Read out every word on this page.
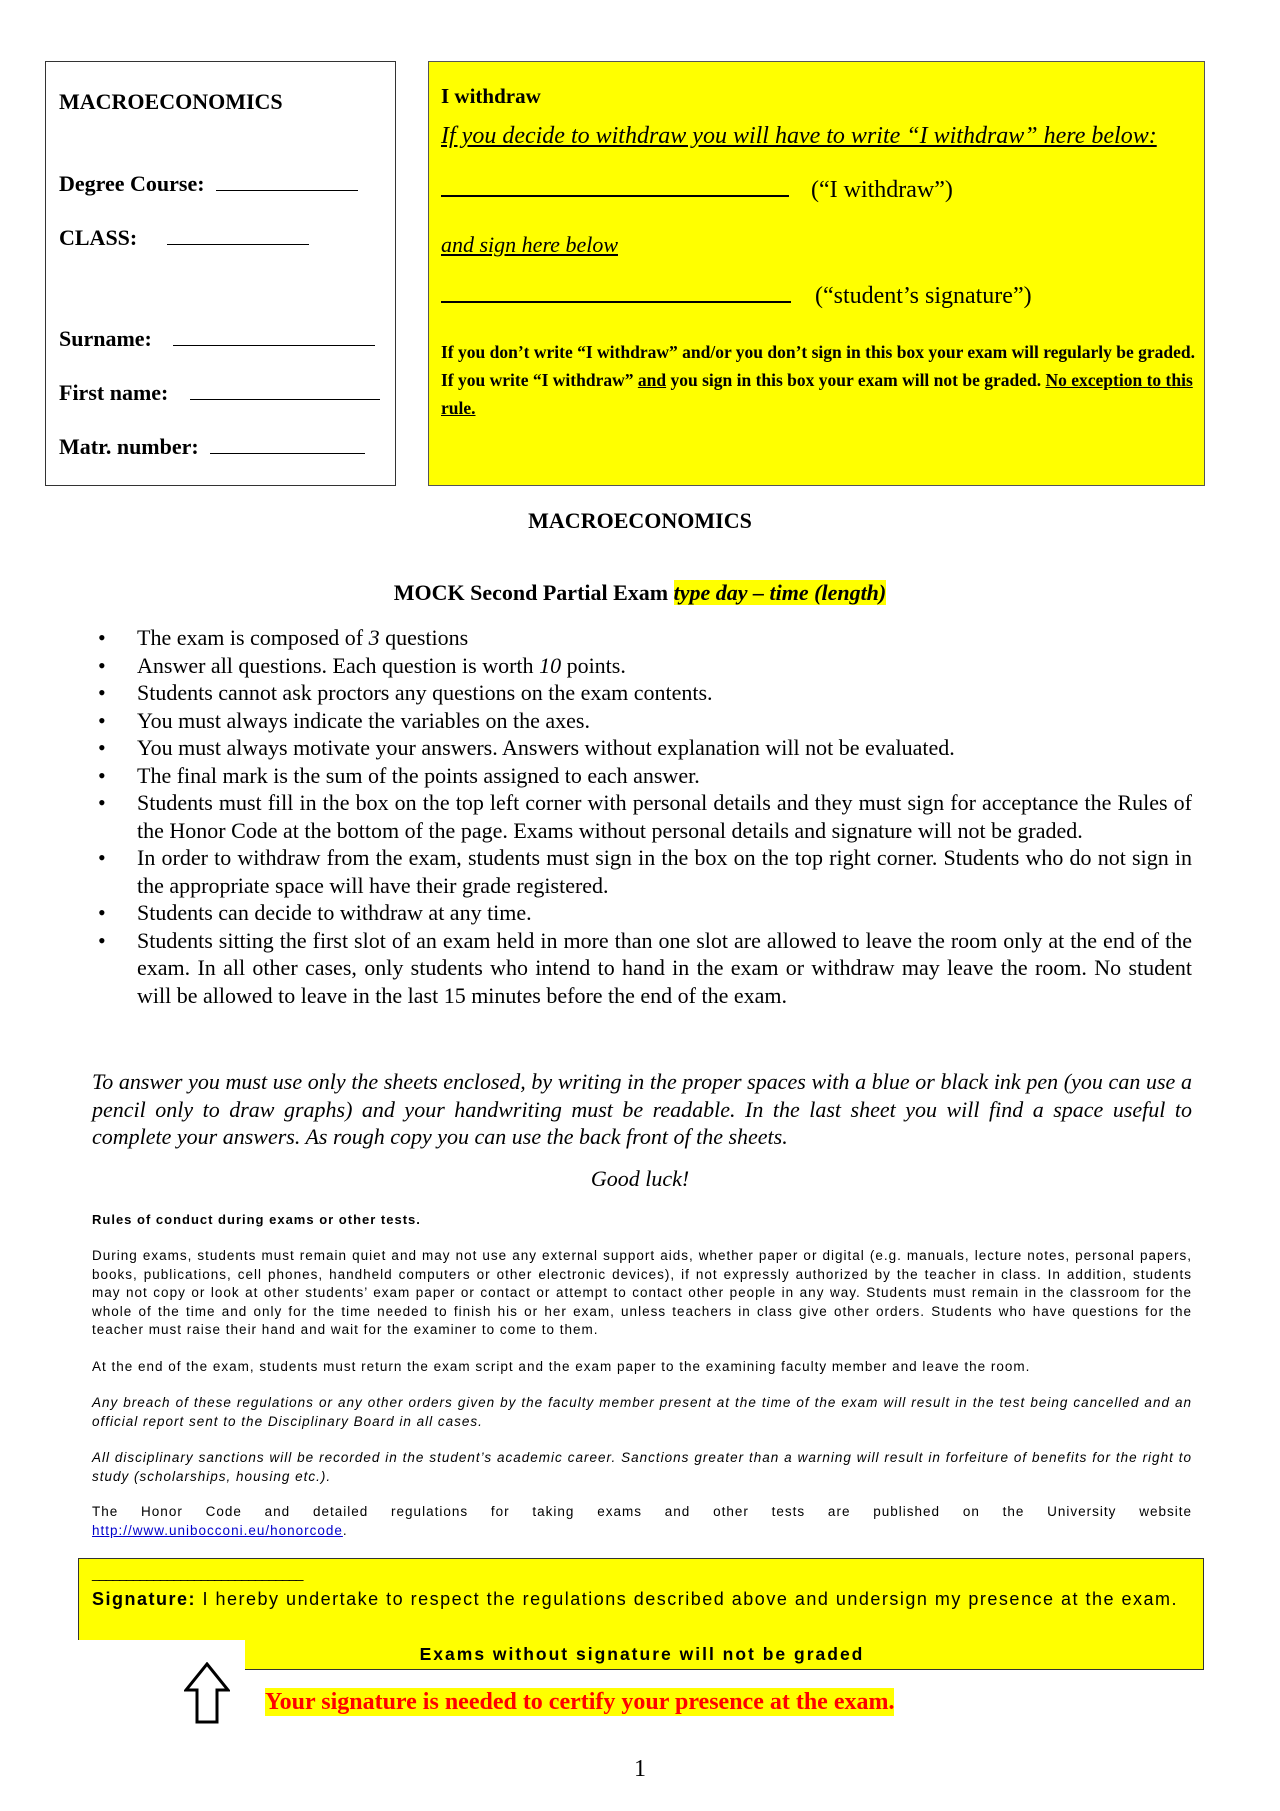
MACROECONOMICS
Degree Course:
CLASS:
Surname:
First name:
Matr. number:
I withdraw
If you decide to withdraw you will have to write “I withdraw” here below:
(“I withdraw”)
and sign here below
(“student’s signature”)
If you don’t write “I withdraw” and/or you don’t sign in this box your exam will regularly be graded.
If you write “I withdraw” and you sign in this box your exam will not be graded. No exception to this rule.
MACROECONOMICS
MOCK Second Partial Exam type day – time (length)
• The exam is composed of 3 questions
• Answer all questions. Each question is worth 10 points.
• Students cannot ask proctors any questions on the exam contents.
• You must always indicate the variables on the axes.
• You must always motivate your answers. Answers without explanation will not be evaluated.
• The final mark is the sum of the points assigned to each answer.
• Students must fill in the box on the top left corner with personal details and they must sign for acceptance the Rules of the Honor Code at the bottom of the page. Exams without personal details and signature will not be graded.
• In order to withdraw from the exam, students must sign in the box on the top right corner. Students who do not sign in the appropriate space will have their grade registered.
• Students can decide to withdraw at any time.
• Students sitting the first slot of an exam held in more than one slot are allowed to leave the room only at the end of the exam. In all other cases, only students who intend to hand in the exam or withdraw may leave the room. No student will be allowed to leave in the last 15 minutes before the end of the exam.
To answer you must use only the sheets enclosed, by writing in the proper spaces with a blue or black ink pen (you can use a pencil only to draw graphs) and your handwriting must be readable. In the last sheet you will find a space useful to complete your answers. As rough copy you can use the back front of the sheets.
Good luck!
Rules of conduct during exams or other tests.
During exams, students must remain quiet and may not use any external support aids, whether paper or digital (e.g. manuals, lecture notes, personal papers, books, publications, cell phones, handheld computers or other electronic devices), if not expressly authorized by the teacher in class. In addition, students may not copy or look at other students’ exam paper or contact or attempt to contact other people in any way. Students must remain in the classroom for the whole of the time and only for the time needed to finish his or her exam, unless teachers in class give other orders. Students who have questions for the teacher must raise their hand and wait for the examiner to come to them.
At the end of the exam, students must return the exam script and the exam paper to the examining faculty member and leave the room.
Any breach of these regulations or any other orders given by the faculty member present at the time of the exam will result in the test being cancelled and an official report sent to the Disciplinary Board in all cases.
All disciplinary sanctions will be recorded in the student’s academic career. Sanctions greater than a warning will result in forfeiture of benefits for the right to study (scholarships, housing etc.).
The Honor Code and detailed regulations for taking exams and other tests are published on the University website
http://www.unibocconi.eu/honorcode.
_______________________________
Signature: I hereby undertake to respect the regulations described above and undersign my presence at the exam.
Exams without signature will not be graded
Your signature is needed to certify your presence at the exam.
1
